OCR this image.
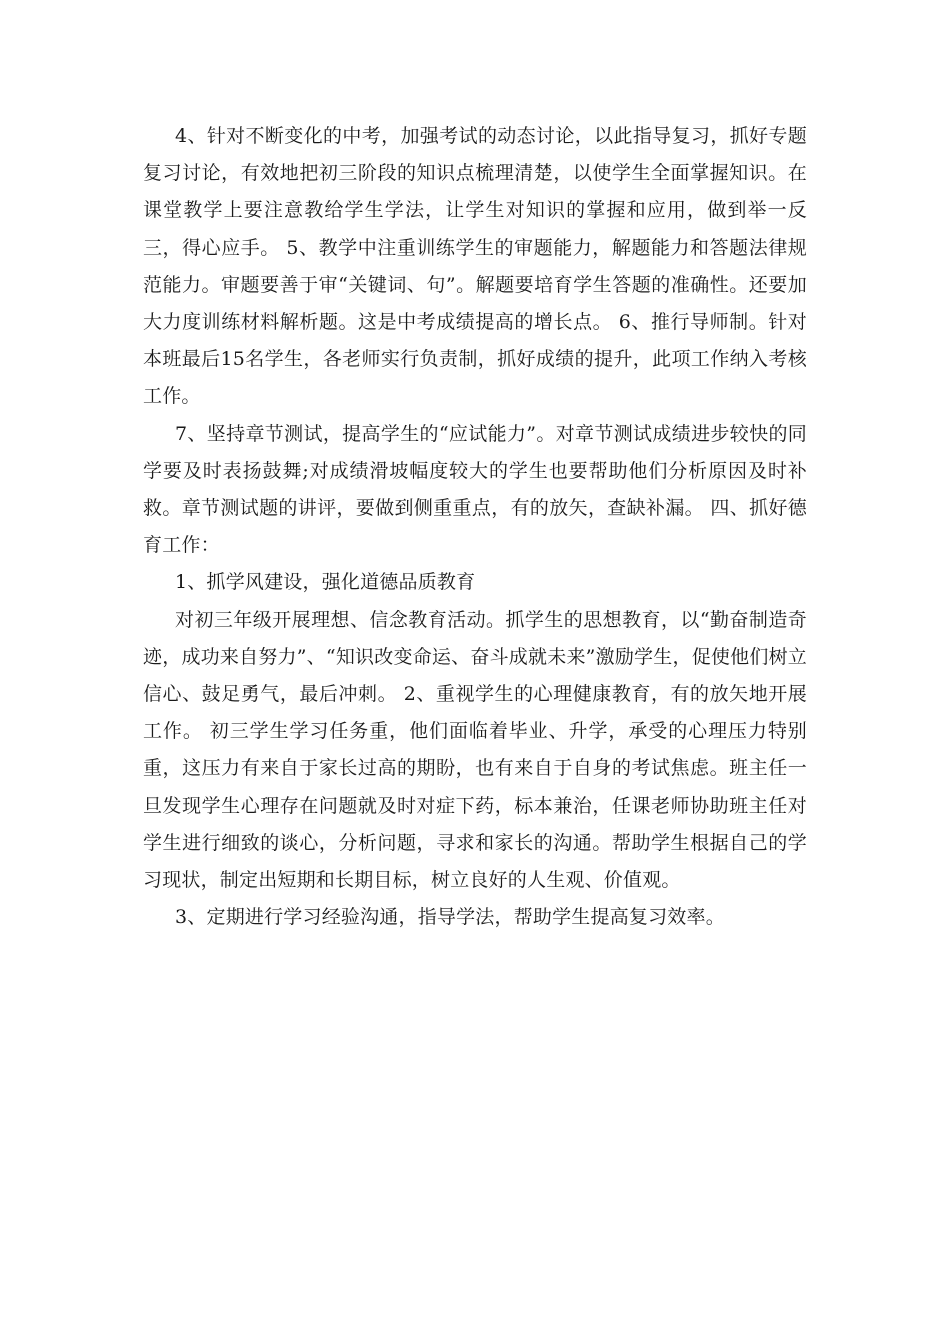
4、针对不断变化的中考，加强考试的动态讨论，以此指导复习，抓好专题复习讨论，有效地把初三阶段的知识点梳理清楚，以使学生全面掌握知识。在课堂教学上要注意教给学生学法，让学生对知识的掌握和应用，做到举一反三，得心应手。 5、教学中注重训练学生的审题能力，解题能力和答题法律规范能力。审题要善于审“关键词、句”。解题要培育学生答题的准确性。还要加大力度训练材料解析题。这是中考成绩提高的增长点。 6、推行导师制。针对本班最后15名学生，各老师实行负责制，抓好成绩的提升，此项工作纳入考核工作。

7、坚持章节测试，提高学生的“应试能力”。对章节测试成绩进步较快的同学要及时表扬鼓舞;对成绩滑坡幅度较大的学生也要帮助他们分析原因及时补救。章节测试题的讲评，要做到侧重重点，有的放矢，查缺补漏。 四、抓好德育工作：

1、抓学风建设，强化道德品质教育

对初三年级开展理想、信念教育活动。抓学生的思想教育，以“勤奋制造奇迹，成功来自努力”、“知识改变命运、奋斗成就未来”激励学生，促使他们树立信心、鼓足勇气，最后冲刺。 2、重视学生的心理健康教育，有的放矢地开展工作。 初三学生学习任务重，他们面临着毕业、升学，承受的心理压力特别重，这压力有来自于家长过高的期盼，也有来自于自身的考试焦虑。班主任一旦发现学生心理存在问题就及时对症下药，标本兼治，任课老师协助班主任对学生进行细致的谈心，分析问题，寻求和家长的沟通。帮助学生根据自己的学习现状，制定出短期和长期目标，树立良好的人生观、价值观。

3、定期进行学习经验沟通，指导学法，帮助学生提高复习效率。
